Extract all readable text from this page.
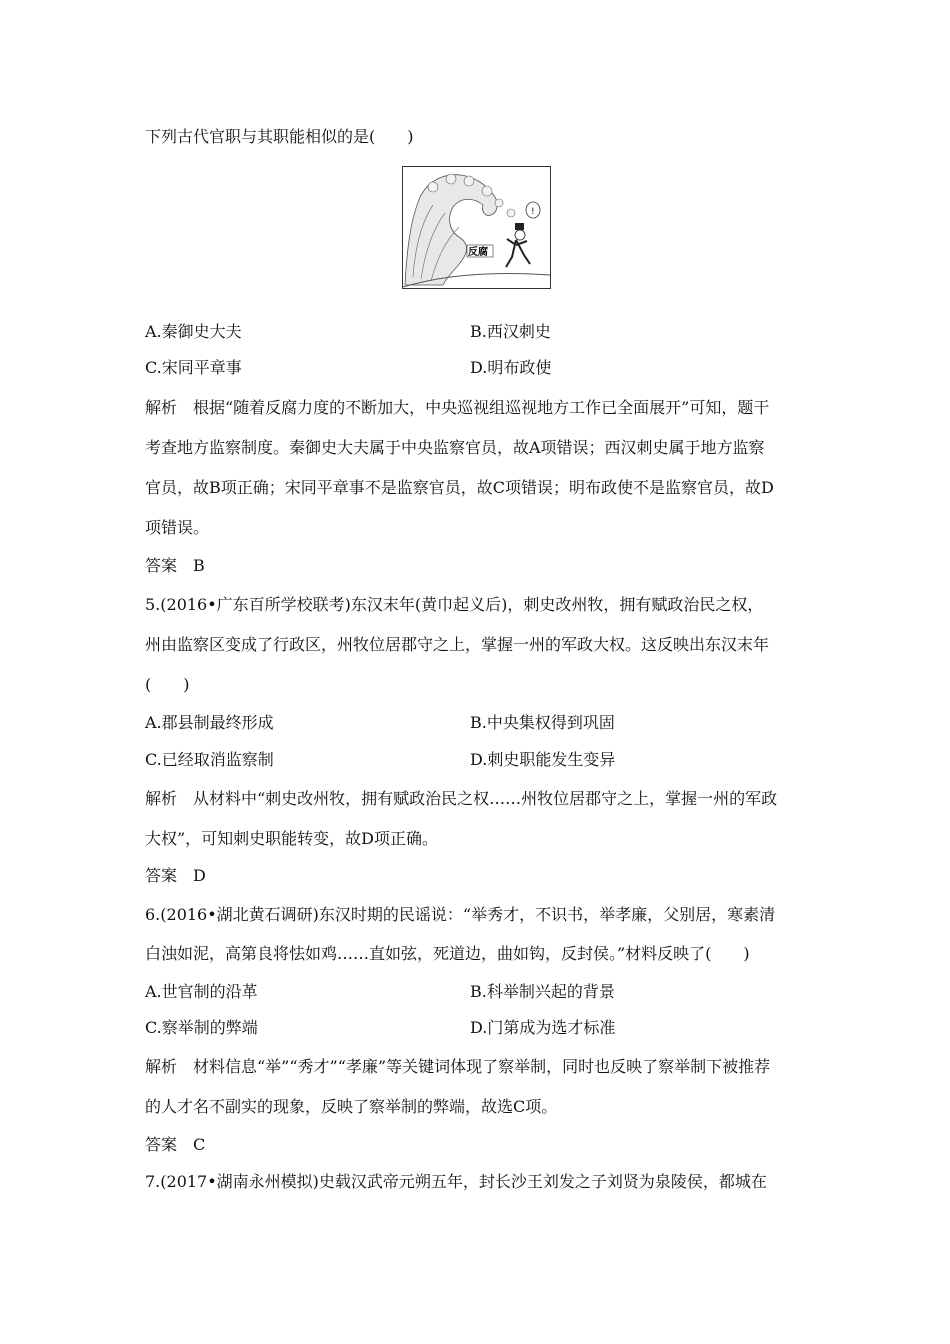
下列古代官职与其职能相似的是(　　)
!
反腐
A.秦御史大夫	B.西汉刺史
C.宋同平章事	D.明布政使
解析　根据“随着反腐力度的不断加大，中央巡视组巡视地方工作已全面展开”可知，题干
考查地方监察制度。秦御史大夫属于中央监察官员，故A项错误；西汉刺史属于地方监察
官员，故B项正确；宋同平章事不是监察官员，故C项错误；明布政使不是监察官员，故D
项错误。
答案　B
5.(2016•广东百所学校联考)东汉末年(黄巾起义后)，刺史改州牧，拥有赋政治民之权，
州由监察区变成了行政区，州牧位居郡守之上，掌握一州的军政大权。这反映出东汉末年
(　　)
A.郡县制最终形成	B.中央集权得到巩固
C.已经取消监察制	D.刺史职能发生变异
解析　从材料中“刺史改州牧，拥有赋政治民之权……州牧位居郡守之上，掌握一州的军政
大权”，可知刺史职能转变，故D项正确。
答案　D
6.(2016•湖北黄石调研)东汉时期的民谣说：“举秀才，不识书，举孝廉，父别居，寒素清
白浊如泥，高第良将怯如鸡……直如弦，死道边，曲如钩，反封侯。”材料反映了(　　)
A.世官制的沿革	B.科举制兴起的背景
C.察举制的弊端	D.门第成为选才标准
解析　材料信息“举”“秀才”“孝廉”等关键词体现了察举制，同时也反映了察举制下被推荐
的人才名不副实的现象，反映了察举制的弊端，故选C项。
答案　C
7.(2017•湖南永州模拟)史载汉武帝元朔五年，封长沙王刘发之子刘贤为泉陵侯，都城在
